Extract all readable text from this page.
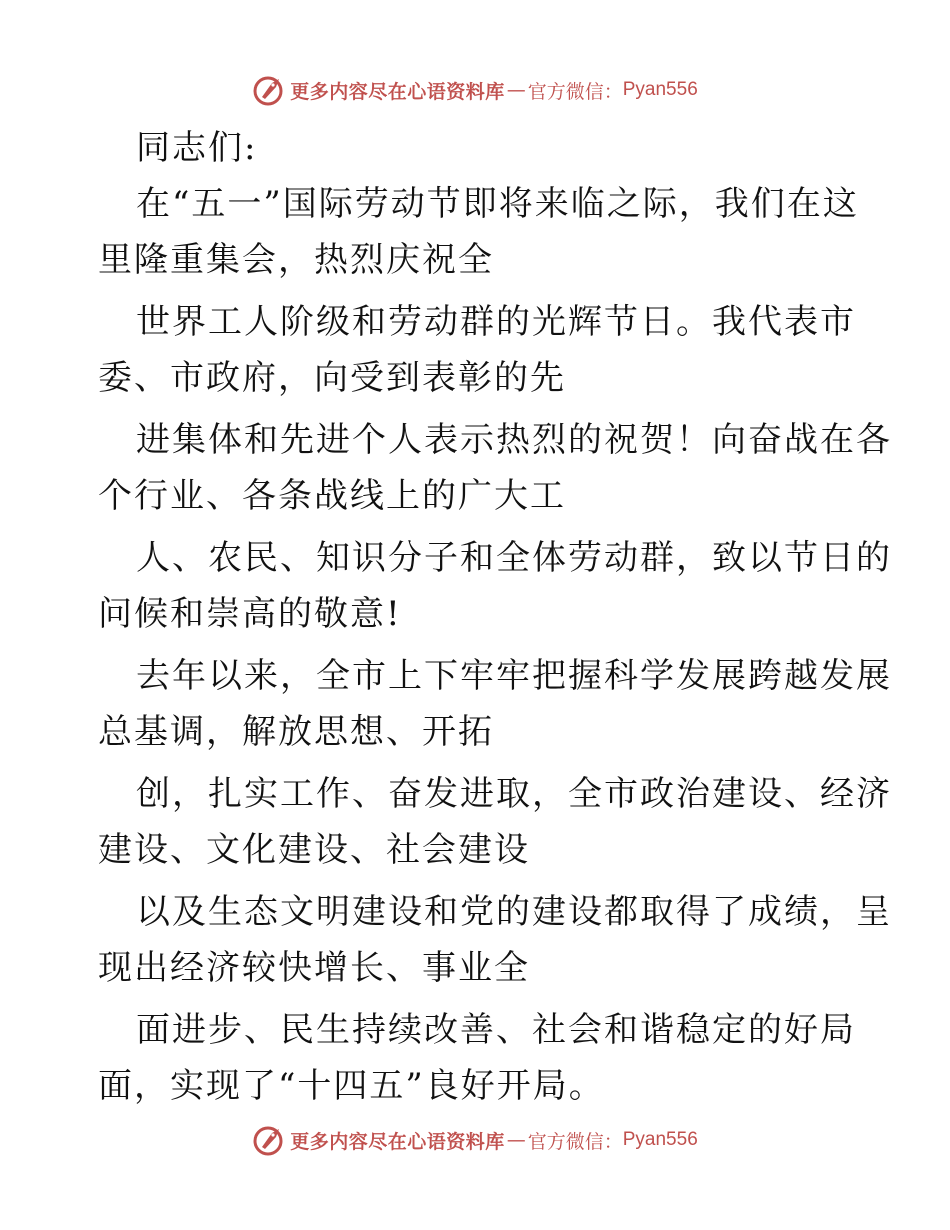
更多内容尽在心语资料库 — 官方微信： Pyan556
同志们:
在“五一”国际劳动节即将来临之际，我们在这
里隆重集会，热烈庆祝全
世界工人阶级和劳动群的光辉节日。我代表市
委、市政府，向受到表彰的先
进集体和先进个人表示热烈的祝贺！向奋战在各
个行业、各条战线上的广大工
人、农民、知识分子和全体劳动群，致以节日的
问候和崇高的敬意!
去年以来，全市上下牢牢把握科学发展跨越发展
总基调，解放思想、开拓
创，扎实工作、奋发进取，全市政治建设、经济
建设、文化建设、社会建设
以及生态文明建设和党的建设都取得了成绩，呈
现出经济较快增长、事业全
面进步、民生持续改善、社会和谐稳定的好局
面，实现了“十四五”良好开局。
更多内容尽在心语资料库 — 官方微信： Pyan556
